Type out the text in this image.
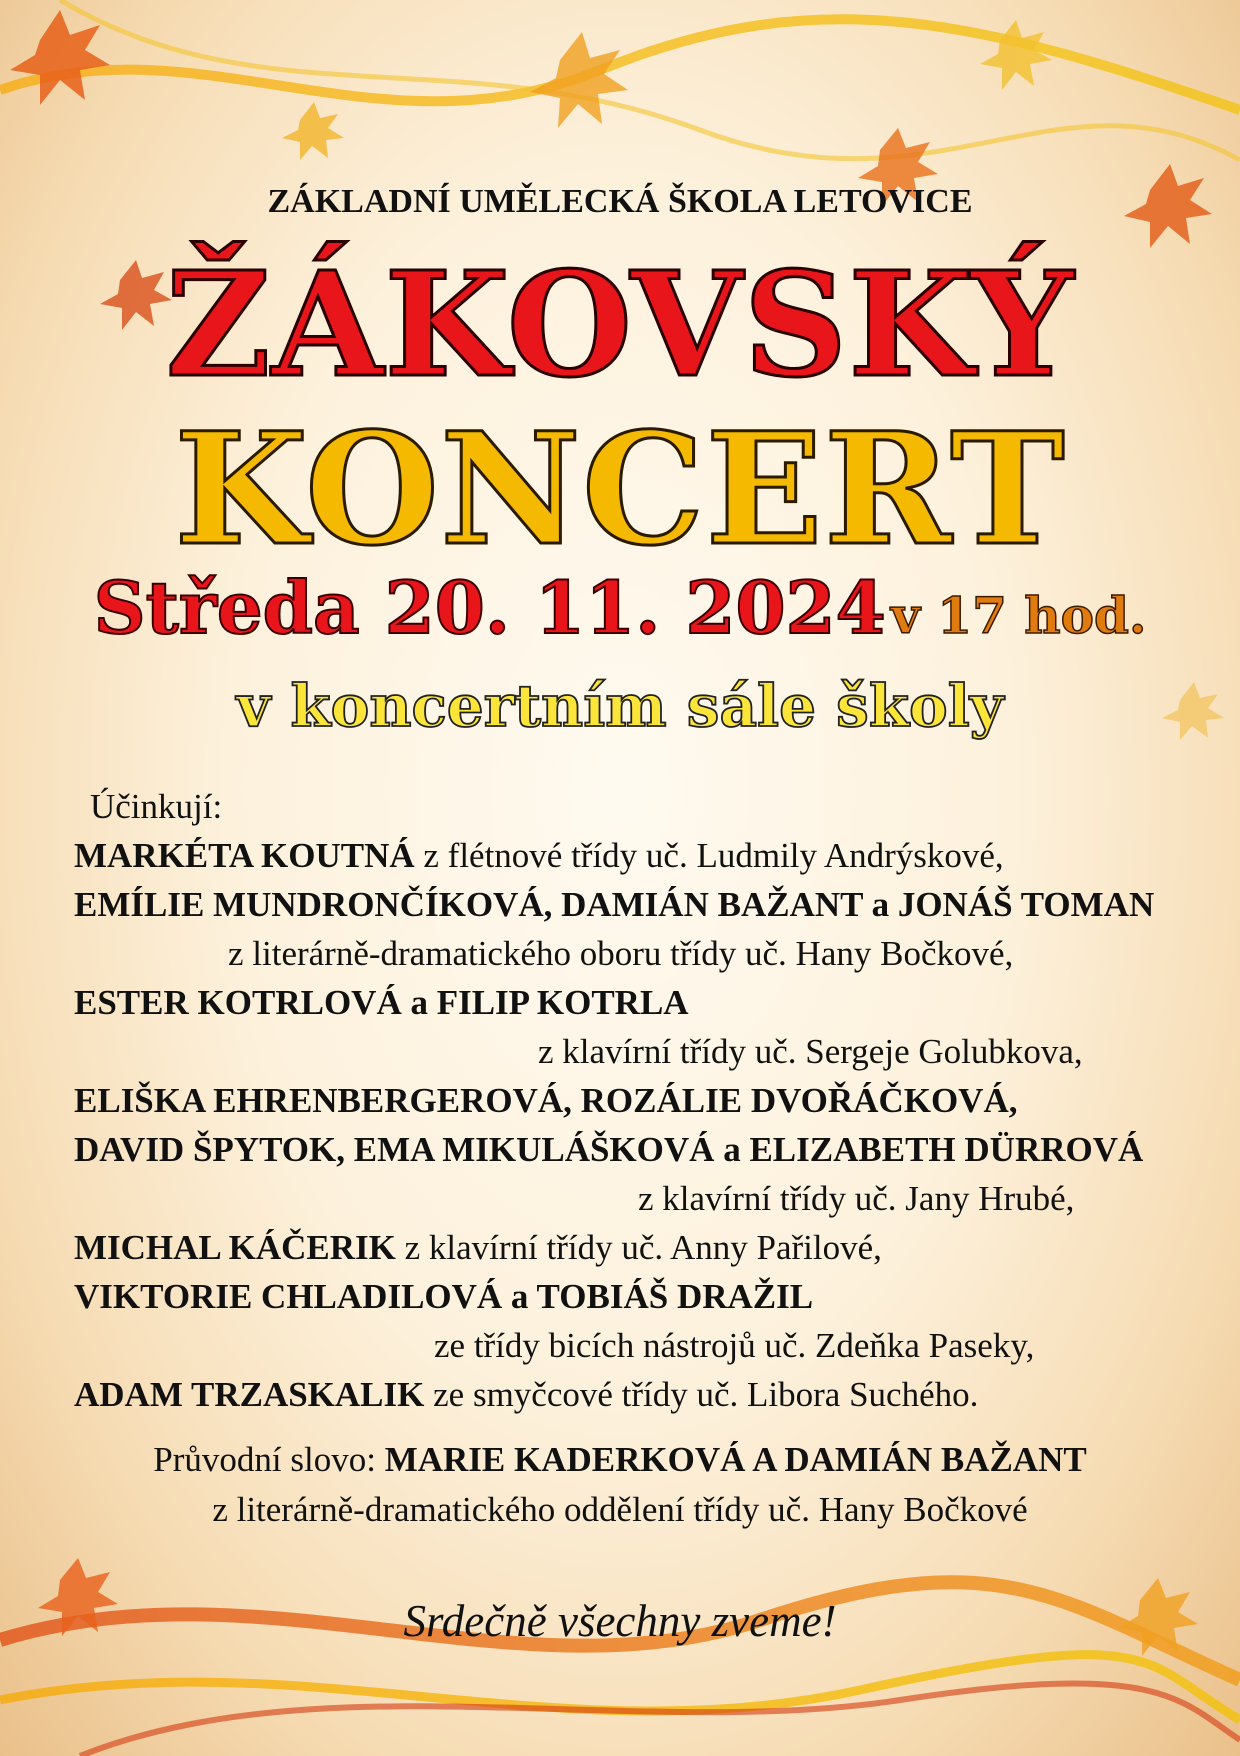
ZÁKLADNÍ UMĚLECKÁ ŠKOLA LETOVICE
ŽÁKOVSKÝ
KONCERT
Středa 20. 11. 2024 v 17 hod.
v koncertním sále školy
Účinkují:
MARKÉTA KOUTNÁ z flétnové třídy uč. Ludmily Andrýskové,
EMÍLIE MUNDRONČÍKOVÁ, DAMIÁN BAŽANT a JONÁŠ TOMAN
z literárně-dramatického oboru třídy uč. Hany Bočkové,
ESTER KOTRLOVÁ a FILIP KOTRLA
z klavírní třídy uč. Sergeje Golubkova,
ELIŠKA EHRENBERGEROVÁ, ROZÁLIE DVOŘÁČKOVÁ,
DAVID ŠPYTOK, EMA MIKULÁŠKOVÁ a ELIZABETH DÜRROVÁ
z klavírní třídy uč. Jany Hrubé,
MICHAL KÁČERIK z klavírní třídy uč. Anny Pařilové,
VIKTORIE CHLADILOVÁ a TOBIÁŠ DRAŽIL
ze třídy bicích nástrojů uč. Zdeňka Paseky,
ADAM TRZASKALIK ze smyčcové třídy uč. Libora Suchého.
Průvodní slovo: MARIE KADERKOVÁ A DAMIÁN BAŽANT
z literárně-dramatického oddělení třídy uč. Hany Bočkové
Srdečně všechny zveme!
